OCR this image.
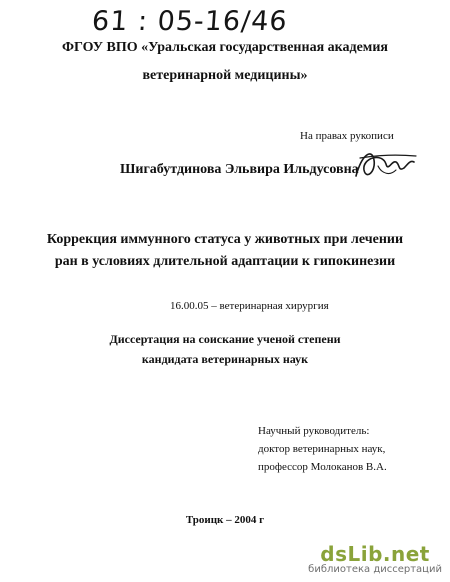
61 : 05-16/46
ФГОУ ВПО «Уральская государственная академия
ветеринарной медицины»
На правах рукописи
Шигабутдинова Эльвира Ильдусовна
Коррекция иммунного статуса у животных при лечении
ран в условиях длительной адаптации к гипокинезии
16.00.05 – ветеринарная хирургия
Диссертация на соискание ученой степени
кандидата ветеринарных наук
Научный руководитель:
доктор ветеринарных наук,
профессор Молоканов В.А.
Троицк – 2004 г
dsLib.net
библиотека диссертаций
